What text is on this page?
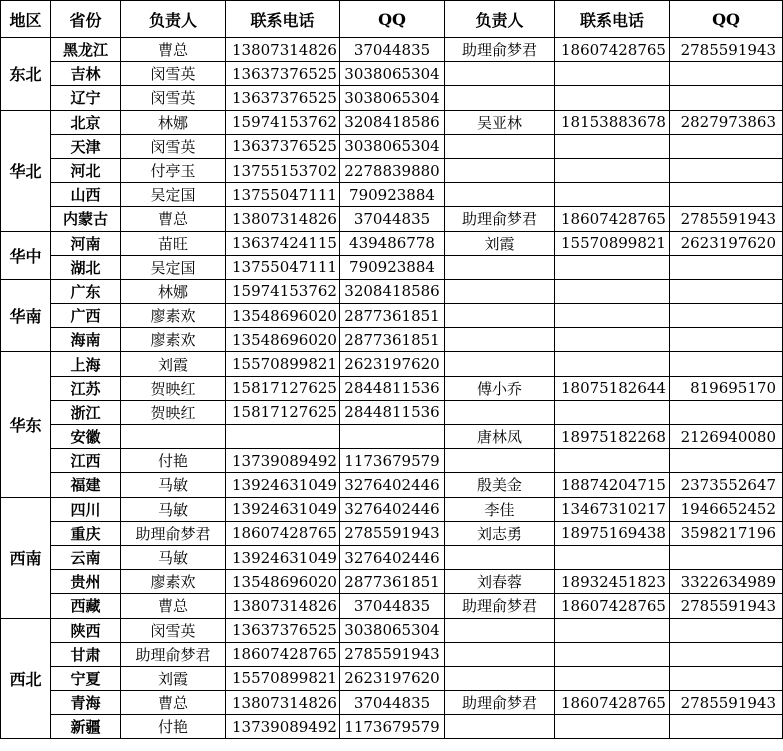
地区	省份	负责人	联系电话	QQ	负责人	联系电话	QQ
东北	黑龙江	曹总	13807314826	37044835	助理俞梦君	18607428765	2785591943
	吉林	闵雪英	13637376525	3038065304			
	辽宁	闵雪英	13637376525	3038065304			
华北	北京	林娜	15974153762	3208418586	吴亚林	18153883678	2827973863
	天津	闵雪英	13637376525	3038065304			
	河北	付亭玉	13755153702	2278839880			
	山西	吴定国	13755047111	790923884			
	内蒙古	曹总	13807314826	37044835	助理俞梦君	18607428765	2785591943
华中	河南	苗旺	13637424115	439486778	刘霞	15570899821	2623197620
	湖北	吴定国	13755047111	790923884			
华南	广东	林娜	15974153762	3208418586			
	广西	廖素欢	13548696020	2877361851			
	海南	廖素欢	13548696020	2877361851			
华东	上海	刘霞	15570899821	2623197620			
	江苏	贺映红	15817127625	2844811536	傅小乔	18075182644	819695170
	浙江	贺映红	15817127625	2844811536			
	安徽				唐林凤	18975182268	2126940080
	江西	付艳	13739089492	1173679579			
	福建	马敏	13924631049	3276402446	殷美金	18874204715	2373552647
西南	四川	马敏	13924631049	3276402446	李佳	13467310217	1946652452
	重庆	助理俞梦君	18607428765	2785591943	刘志勇	18975169438	3598217196
	云南	马敏	13924631049	3276402446			
	贵州	廖素欢	13548696020	2877361851	刘春蓉	18932451823	3322634989
	西藏	曹总	13807314826	37044835	助理俞梦君	18607428765	2785591943
西北	陕西	闵雪英	13637376525	3038065304			
	甘肃	助理俞梦君	18607428765	2785591943			
	宁夏	刘霞	15570899821	2623197620			
	青海	曹总	13807314826	37044835	助理俞梦君	18607428765	2785591943
	新疆	付艳	13739089492	1173679579			
